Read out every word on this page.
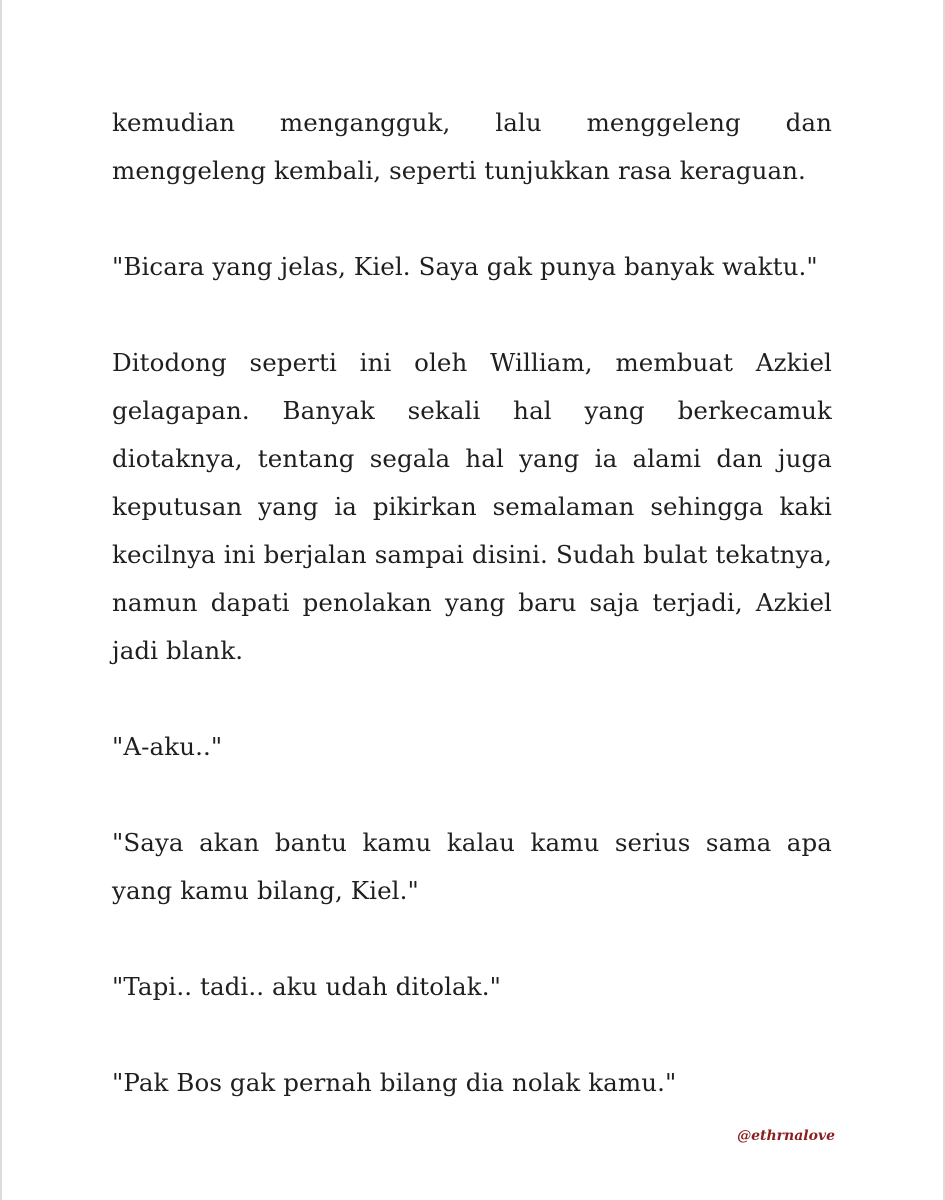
kemudian mengangguk, lalu menggeleng dan menggeleng kembali, seperti tunjukkan rasa keraguan.

"Bicara yang jelas, Kiel. Saya gak punya banyak waktu."

Ditodong seperti ini oleh William, membuat Azkiel gelagapan. Banyak sekali hal yang berkecamuk diotaknya, tentang segala hal yang ia alami dan juga keputusan yang ia pikirkan semalaman sehingga kaki kecilnya ini berjalan sampai disini. Sudah bulat tekatnya, namun dapati penolakan yang baru saja terjadi, Azkiel jadi blank.

"A-aku.."

"Saya akan bantu kamu kalau kamu serius sama apa yang kamu bilang, Kiel."

"Tapi.. tadi.. aku udah ditolak."

"Pak Bos gak pernah bilang dia nolak kamu."

@ethrnalove
